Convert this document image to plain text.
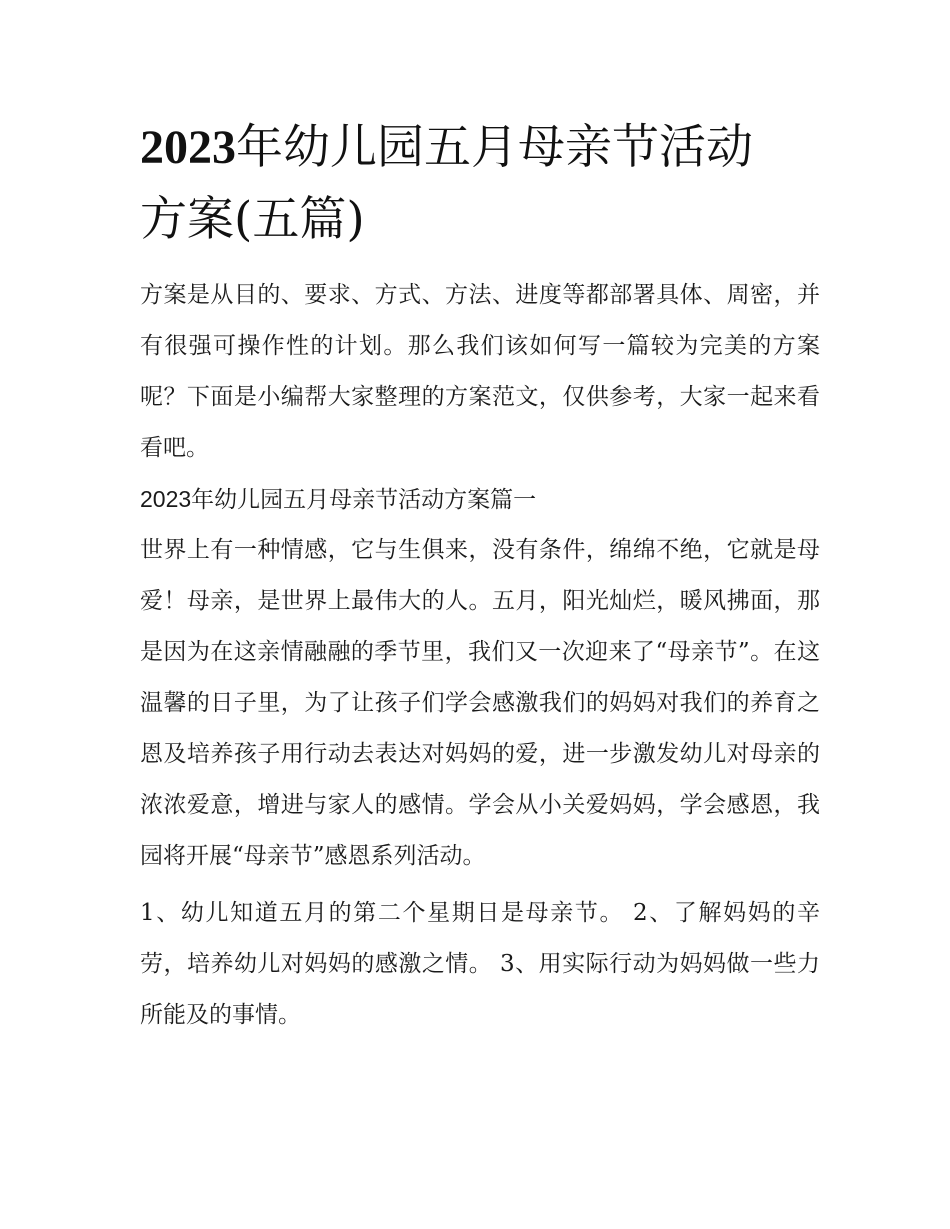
2023年幼儿园五月母亲节活动
方案(五篇)

方案是从目的、要求、方式、方法、进度等都部署具体、周密，并有很强可操作性的计划。那么我们该如何写一篇较为完美的方案呢？下面是小编帮大家整理的方案范文，仅供参考，大家一起来看看吧。

2023年幼儿园五月母亲节活动方案篇一

世界上有一种情感，它与生俱来，没有条件，绵绵不绝，它就是母爱！母亲，是世界上最伟大的人。五月，阳光灿烂，暖风拂面，那是因为在这亲情融融的季节里，我们又一次迎来了“母亲节”。在这温馨的日子里，为了让孩子们学会感激我们的妈妈对我们的养育之恩及培养孩子用行动去表达对妈妈的爱，进一步激发幼儿对母亲的浓浓爱意，增进与家人的感情。学会从小关爱妈妈，学会感恩，我园将开展“母亲节”感恩系列活动。

1、幼儿知道五月的第二个星期日是母亲节。 2、了解妈妈的辛劳，培养幼儿对妈妈的感激之情。 3、用实际行动为妈妈做一些力所能及的事情。
